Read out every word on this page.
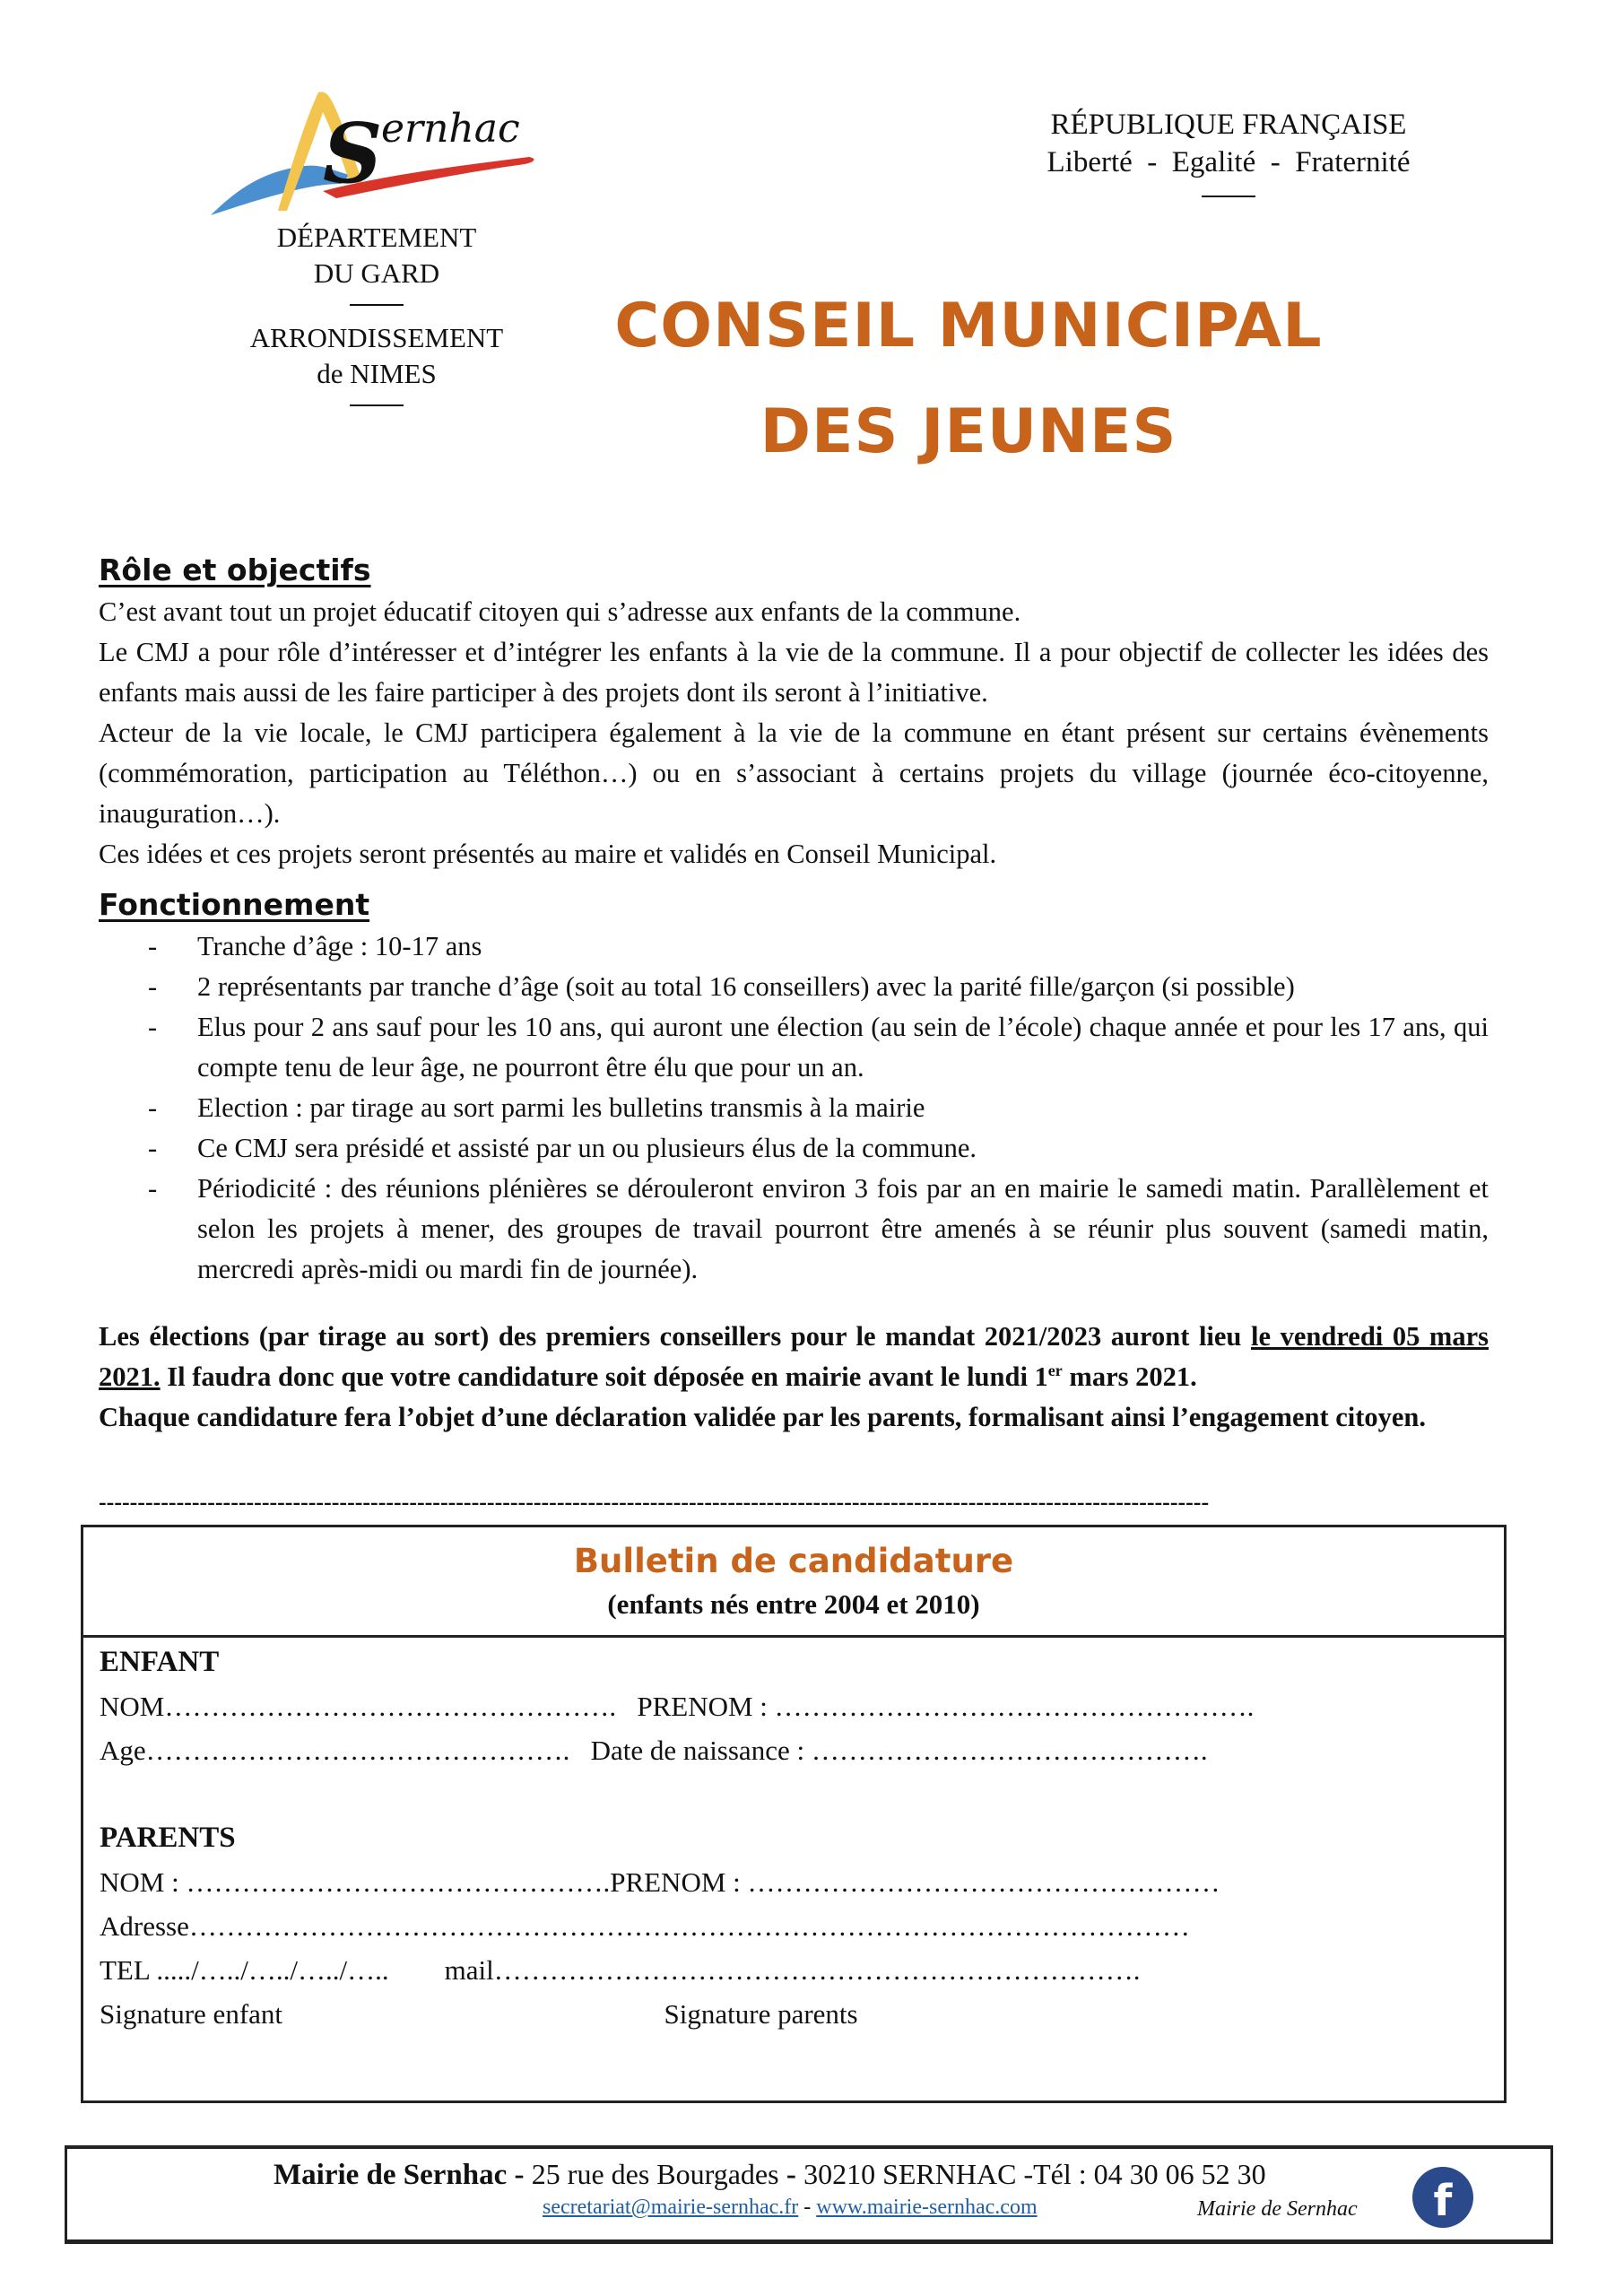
S
ernhac
DÉPARTEMENT
DU GARD
ARRONDISSEMENT
de NIMES
RÉPUBLIQUE FRANÇAISE
Liberté  -  Egalité  -  Fraternité
CONSEIL MUNICIPAL
DES JEUNES
Rôle et objectifs

C’est avant tout un projet éducatif citoyen qui s’adresse aux enfants de la commune.

Le CMJ a pour rôle d’intéresser et d’intégrer les enfants à la vie de la commune. Il a pour objectif de collecter les idées des enfants mais aussi de les faire participer à des projets dont ils seront à l’initiative.

Acteur de la vie locale, le CMJ participera également à la vie de la commune en étant présent sur certains évènements (commémoration, participation au Téléthon…) ou en s’associant à certains projets du village (journée éco-citoyenne, inauguration…).

Ces idées et ces projets seront présentés au maire et validés en Conseil Municipal.

Fonctionnement
- Tranche d’âge : 10-17 ans
- 2 représentants par tranche d’âge (soit au total 16 conseillers) avec la parité fille/garçon (si possible)
- Elus pour 2 ans sauf pour les 10 ans, qui auront une élection (au sein de l’école) chaque année et pour les 17 ans, qui compte tenu de leur âge, ne pourront être élu que pour un an.
- Election : par tirage au sort parmi les bulletins transmis à la mairie
- Ce CMJ sera présidé et assisté par un ou plusieurs élus de la commune.
- Périodicité : des réunions plénières se dérouleront environ 3 fois par an en mairie le samedi matin. Parallèlement et selon les projets à mener, des groupes de travail pourront être amenés à se réunir plus souvent (samedi matin, mercredi après-midi ou mardi fin de journée).
Les élections (par tirage au sort) des premiers conseillers pour le mandat 2021/2023 auront lieu le vendredi 05 mars 2021. Il faudra donc que votre candidature soit déposée en mairie avant le lundi 1er mars 2021.
Chaque candidature fera l’objet d’une déclaration validée par les parents, formalisant ainsi l’engagement citoyen.
-----------------------------------------------------------------------------------------------------------------------------------------------
Bulletin de candidature
(enfants nés entre 2004 et 2010)
ENFANT
NOM…………………………………………. PRENOM : …………………………………………….
Age………………………………………. Date de naissance : …………………………………….
PARENTS
NOM : ……………………………………….PRENOM : ……………………………………………
Adresse………………………………………………………………………………………………
TEL ...../…../…../…../….. mail…………………………………………………………….
Signature enfant	Signature parents
Mairie de Sernhac - 25 rue des Bourgades - 30210 SERNHAC -Tél : 04 30 06 52 30
secretariat@mairie-sernhac.fr - www.mairie-sernhac.com	Mairie de Sernhac	f
